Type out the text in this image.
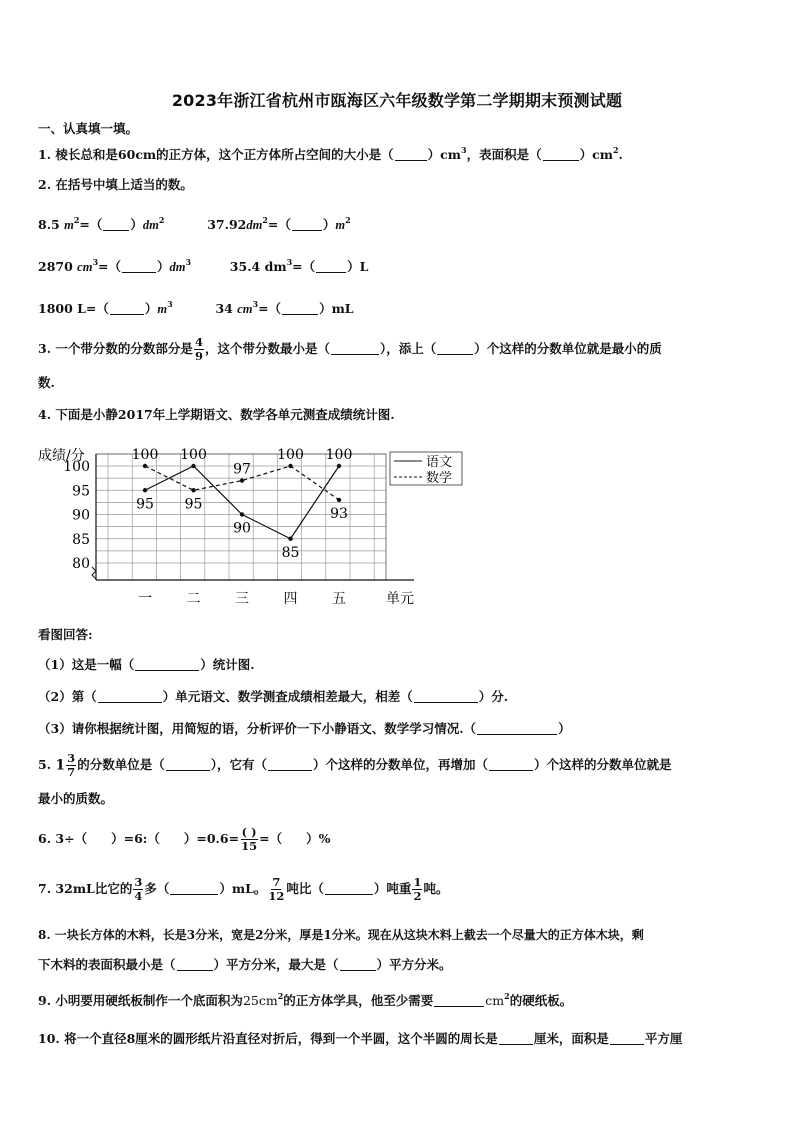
2023年浙江省杭州市瓯海区六年级数学第二学期期末预测试题
一、认真填一填。
1. 棱长总和是60cm的正方体，这个正方体所占空间的大小是（	）$cm^3$，表面积是（	）$cm^2$.
2. 在括号中填上适当的数。
8.5 $m^2=$（ ）$dm^2$	$37.92dm^2=$（	）$m^2$
2870 $cm^3=$（	）$dm^3$	35.4 $dm^3=$（	）L
1800 L=（	）$m^3$	34 $cm^3=$（	）mL
3. 一个带分数的分数部分是 $\frac{4}{9}$ ，这个带分数最小是（	），添上（	）个这样的分数单位就是最小的质
数.
4. 下面是小静2017年上学期语文、数学各单元测查成绩统计图.
成绩/分
80
85
90
95
100
一 二 三 四 五	单元
95
100
90
85
100
100
95
97
100
93
语文
数学
看图回答:
（1）这是一幅（	）统计图.
（2）第（	）单元语文、数学测查成绩相差最大，相差（	）分.
（3）请你根据统计图，用简短的语，分析评价一下小静语文、数学学习情况.（	）
5. $1 \frac{3}{7}$ 的分数单位是（	），它有（	）个这样的分数单位，再增加（	）个这样的分数单位就是
最小的质数。
6. 3÷（ ）=6:（ ）$=0.6= \frac{( )}{15}$ =（ ）%
7. 32mL比它的 $\frac{3}{4}$ 多（	）mL。 $\frac{7}{12}$ 吨比（	）吨重 $\frac{1}{2}$ 吨。
8. 一块长方体的木料，长是3分米，宽是2分米，厚是1分米。现在从这块木料上截去一个尽量大的正方体木块，剩
下木料的表面积最小是（	）平方分米，最大是（	）平方分米。
9. 小明要用硬纸板制作一个底面积为$25cm^2$的正方体学具，他至少需要	$cm^2$的硬纸板。
10. 将一个直径8厘米的圆形纸片沿直径对折后，得到一个半圆，这个半圆的周长是	厘米，面积是	平方厘
